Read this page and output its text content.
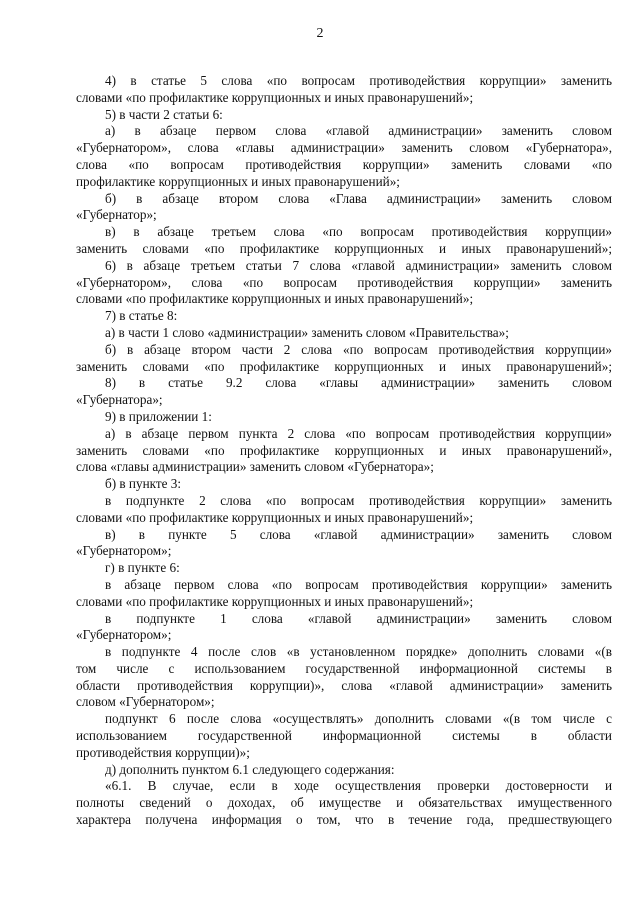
2
4) в статье 5 слова «по вопросам противодействия коррупции» заменить
словами «по профилактике коррупционных и иных правонарушений»;
5) в части 2 статьи 6:
а) в абзаце первом слова «главой администрации» заменить словом
«Губернатором», слова «главы администрации» заменить словом «Губернатора»,
слова «по вопросам противодействия коррупции» заменить словами «по
профилактике коррупционных и иных правонарушений»;
б) в абзаце втором слова «Глава администрации» заменить словом
«Губернатор»;
в) в абзаце третьем слова «по вопросам противодействия коррупции»
заменить словами «по профилактике коррупционных и иных правонарушений»;
6) в абзаце третьем статьи 7 слова «главой администрации» заменить словом
«Губернатором», слова «по вопросам противодействия коррупции» заменить
словами «по профилактике коррупционных и иных правонарушений»;
7) в статье 8:
а) в части 1 слово «администрации» заменить словом «Правительства»;
б) в абзаце втором части 2 слова «по вопросам противодействия коррупции»
заменить словами «по профилактике коррупционных и иных правонарушений»;
8) в статье 9.2 слова «главы администрации» заменить словом
«Губернатора»;
9) в приложении 1:
а) в абзаце первом пункта 2 слова «по вопросам противодействия коррупции»
заменить словами «по профилактике коррупционных и иных правонарушений»,
слова «главы администрации» заменить словом «Губернатора»;
б) в пункте 3:
в подпункте 2 слова «по вопросам противодействия коррупции» заменить
словами «по профилактике коррупционных и иных правонарушений»;
в) в пункте 5 слова «главой администрации» заменить словом
«Губернатором»;
г) в пункте 6:
в абзаце первом слова «по вопросам противодействия коррупции» заменить
словами «по профилактике коррупционных и иных правонарушений»;
в подпункте 1 слова «главой администрации» заменить словом
«Губернатором»;
в подпункте 4 после слов «в установленном порядке» дополнить словами «(в
том числе с использованием государственной информационной системы в
области противодействия коррупции)», слова «главой администрации» заменить
словом «Губернатором»;
подпункт 6 после слова «осуществлять» дополнить словами «(в том числе с
использованием государственной информационной системы в области
противодействия коррупции)»;
д) дополнить пунктом 6.1 следующего содержания:
«6.1. В случае, если в ходе осуществления проверки достоверности и
полноты сведений о доходах, об имуществе и обязательствах имущественного
характера получена информация о том, что в течение года, предшествующего
